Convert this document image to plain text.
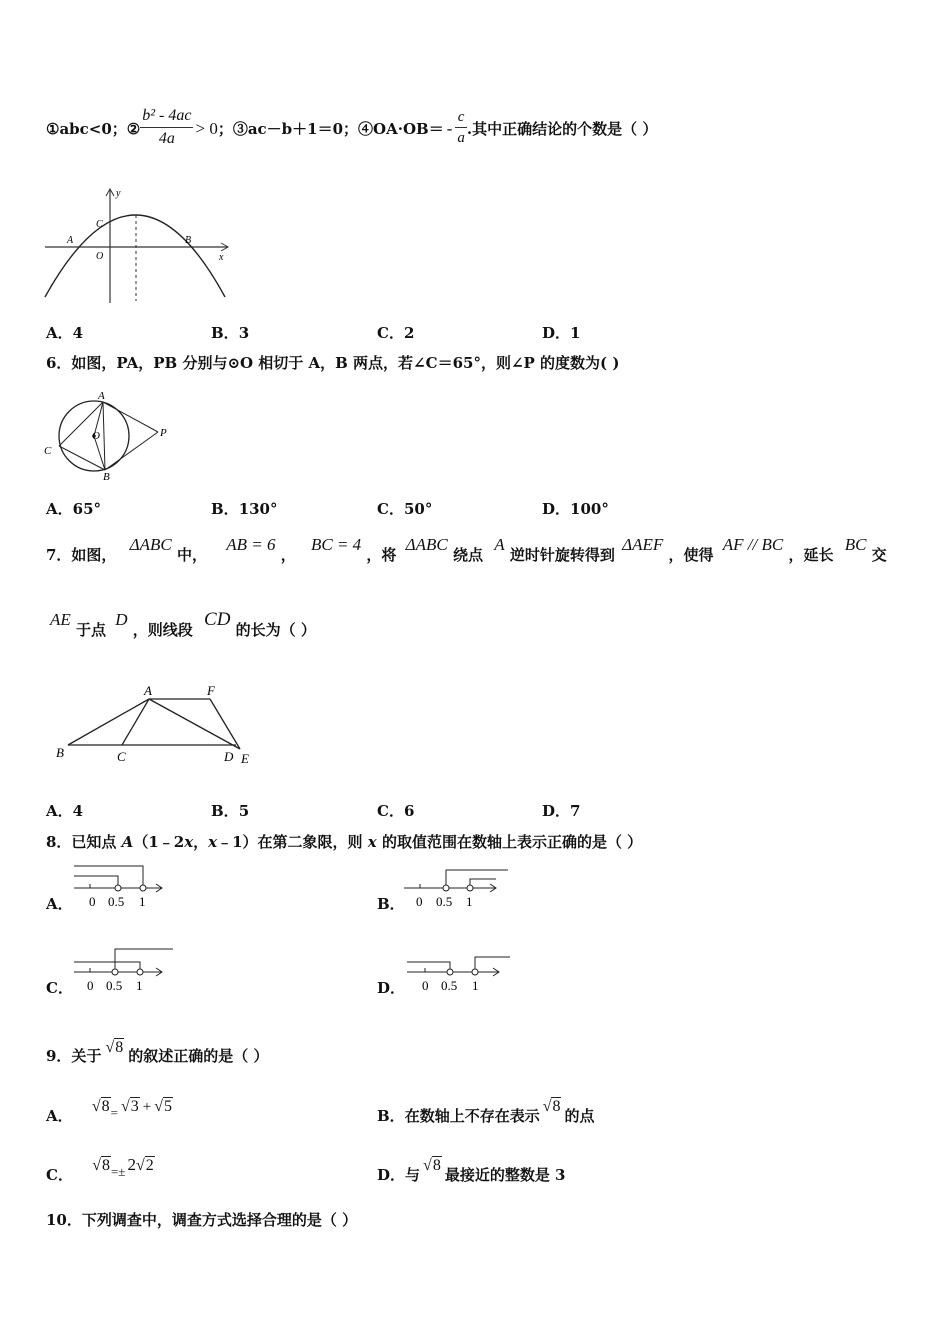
①abc<0；② $\frac{\text{b² - 4ac}}{4a} > 0$；③ac－b＋1＝0；④OA·OB＝ - $\frac{c}{a}$ .其中正确结论的个数是（ ）
y
x
A	B
C
O
A．4	B．3	C．2	D．1
6．如图，PA，PB 分别与⊙O 相切于 A，B 两点，若∠C＝65°，则∠P 的度数为( )
A
B
C
O	P
A．65°	B．130°	C．50°	D．100°
7．如图， ΔABC 中， AB = 6 ， BC = 4 ，将 ΔABC 绕点 A 逆时针旋转得到 ΔAEF ，使得 AF // BC ，延长 BC 交
AE 于点 D ，则线段 CD 的长为（ ）
A	F
B	C	D E
A．4	B．5	C．6	D．7
8．已知点 A（1﹣2x，x﹣1）在第二象限，则 x 的取值范围在数轴上表示正确的是（ ）
A． 0 0.5 1	B． 0 0.5 1
C． 0 0.5 1	D． 0 0.5 1
9．关于 √8 的叙述正确的是（ ）
A． √8= √3 + √5
B．在数轴上不存在表示√8的点
C． √8=± 2√2
D．与√8最接近的整数是 3
10．下列调查中，调查方式选择合理的是（ ）
